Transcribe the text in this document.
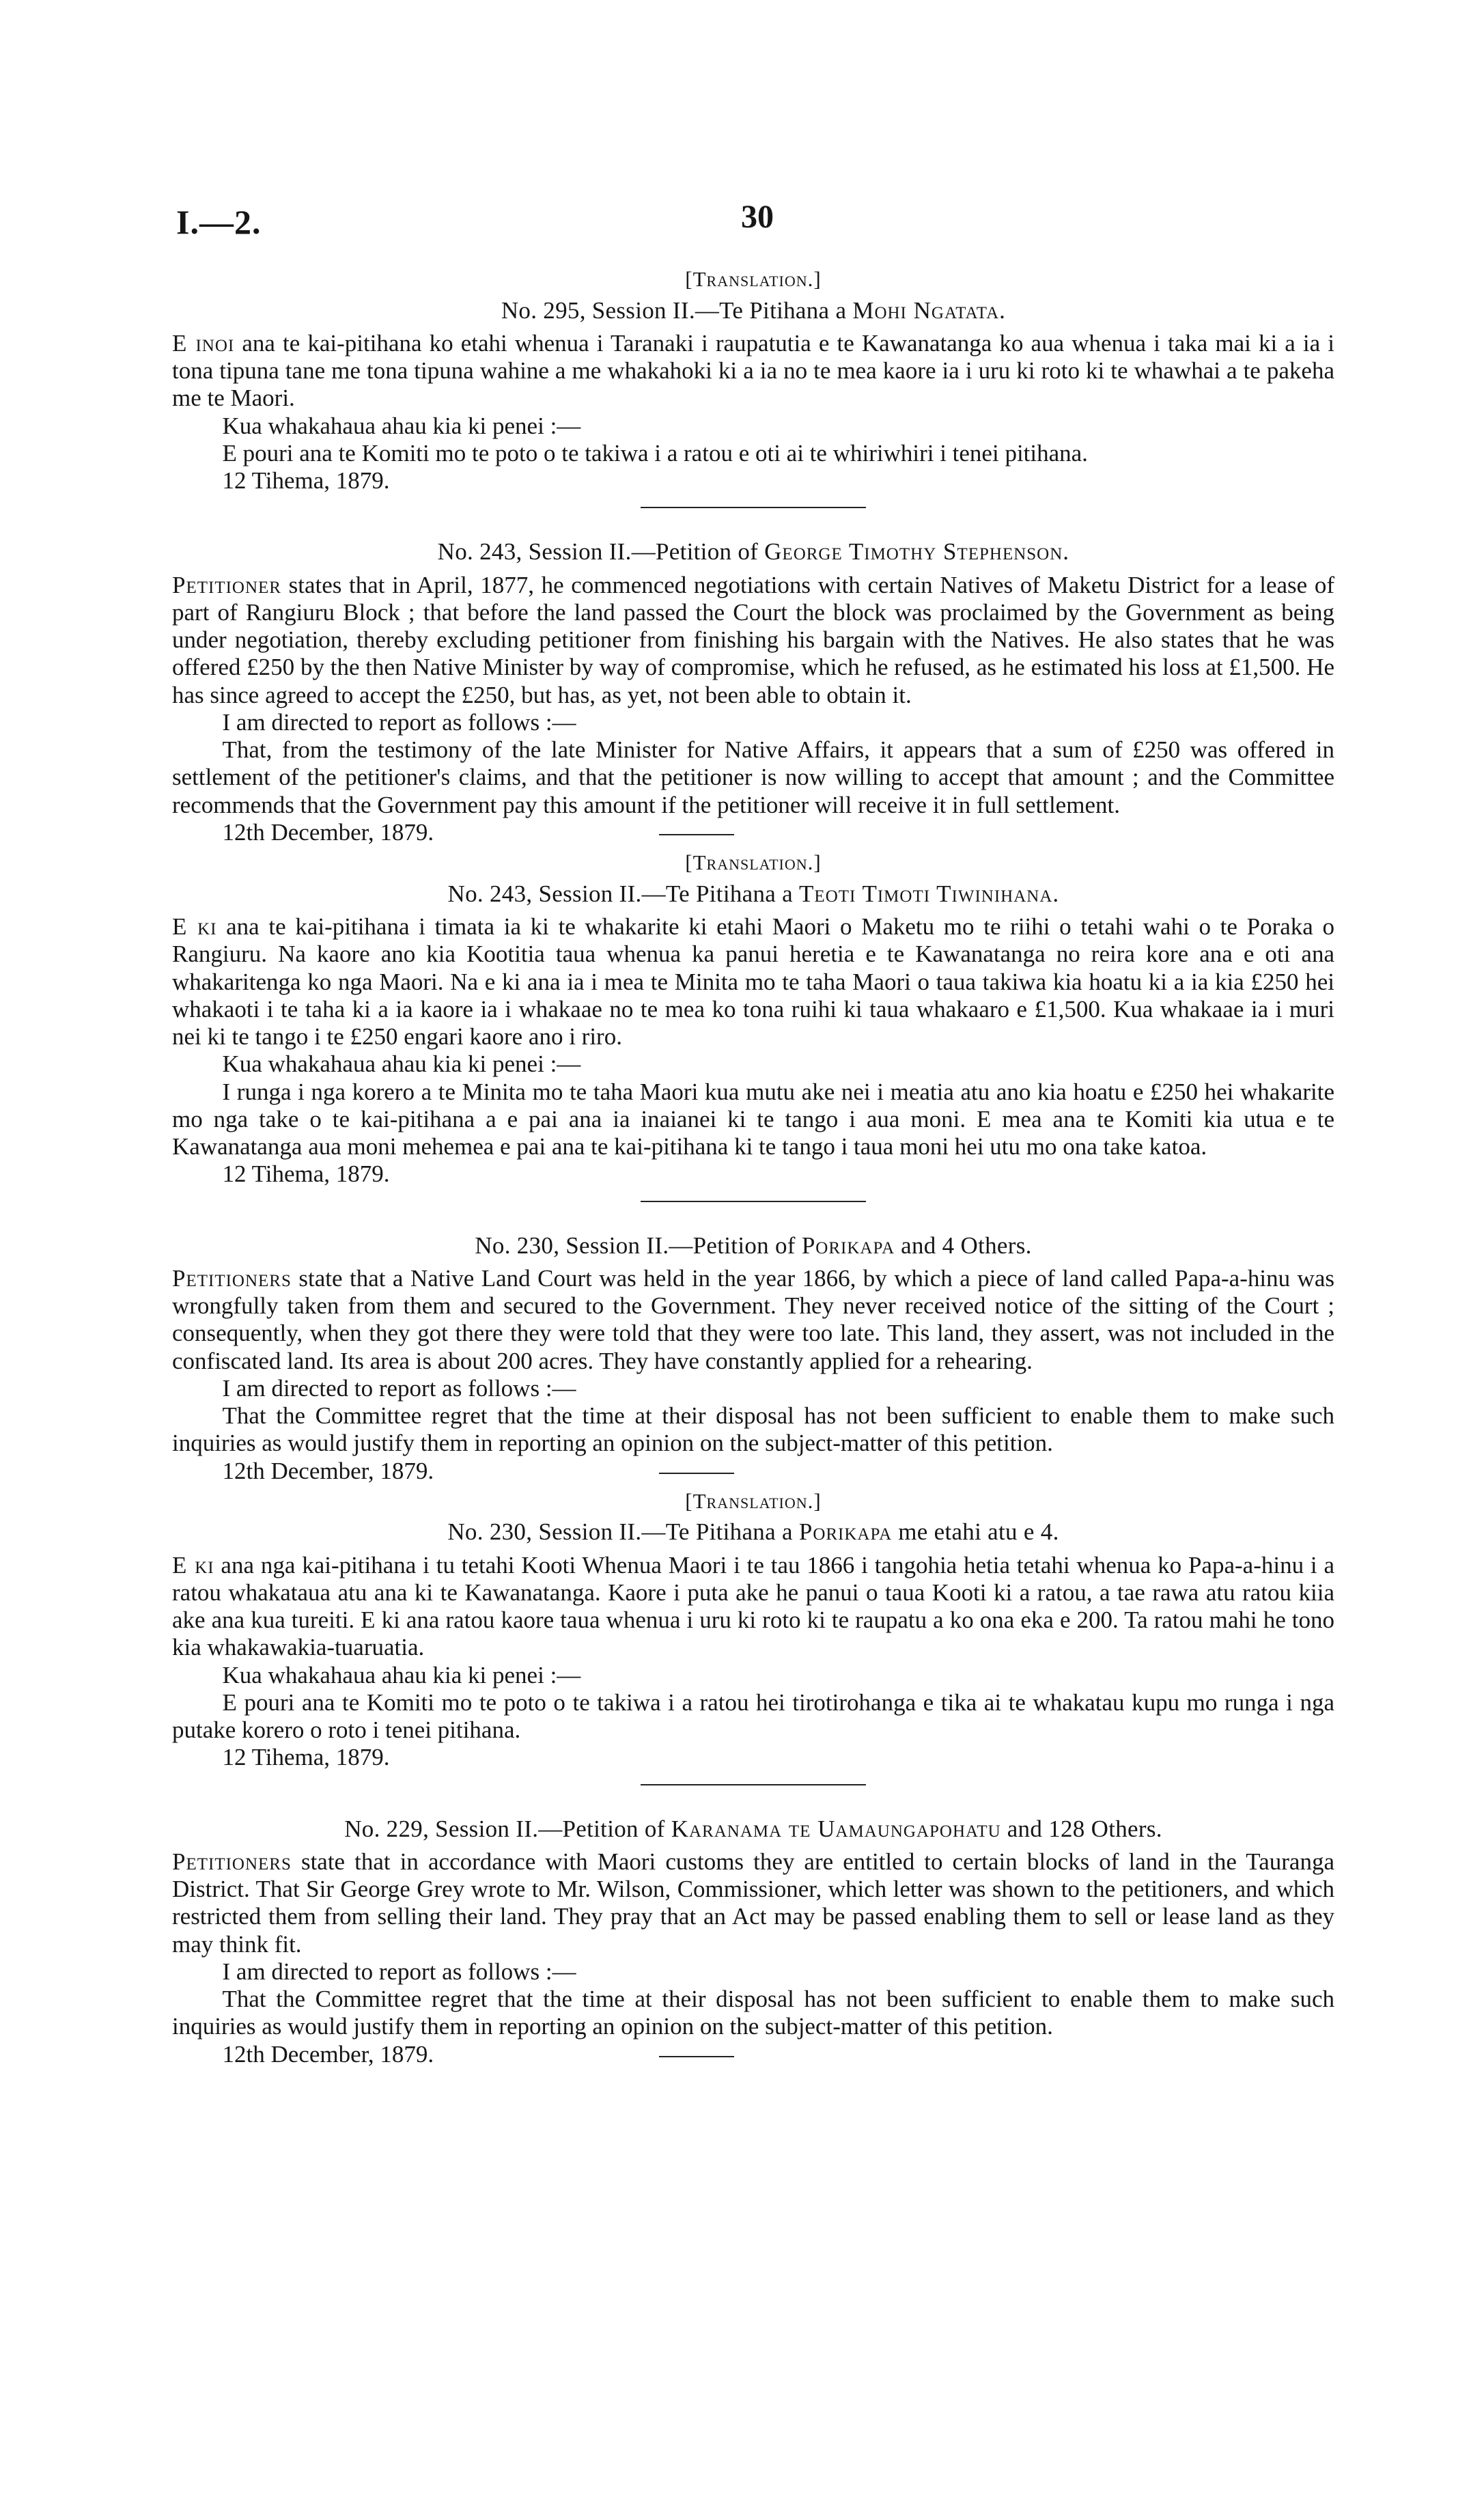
I.—2.	30
[Translation.]
No. 295, Session II.—Te Pitihana a Mohi Ngatata.

E inoi ana te kai-pitihana ko etahi whenua i Taranaki i raupatutia e te Kawanatanga ko aua whenua i taka mai ki a ia i tona tipuna tane me tona tipuna wahine a me whakahoki ki a ia no te mea kaore ia i uru ki roto ki te whawhai a te pakeha me te Maori.

Kua whakahaua ahau kia ki penei :—

E pouri ana te Komiti mo te poto o te takiwa i a ratou e oti ai te whiriwhiri i tenei pitihana.

12 Tihema, 1879.

No. 243, Session II.—Petition of George Timothy Stephenson.

Petitioner states that in April, 1877, he commenced negotiations with certain Natives of Maketu District for a lease of part of Rangiuru Block ; that before the land passed the Court the block was proclaimed by the Government as being under negotiation, thereby excluding petitioner from finishing his bargain with the Natives. He also states that he was offered £250 by the then Native Minister by way of compromise, which he refused, as he estimated his loss at £1,500. He has since agreed to accept the £250, but has, as yet, not been able to obtain it.

I am directed to report as follows :—

That, from the testimony of the late Minister for Native Affairs, it appears that a sum of £250 was offered in settlement of the petitioner's claims, and that the petitioner is now willing to accept that amount ; and the Committee recommends that the Government pay this amount if the petitioner will receive it in full settlement.

12th December, 1879.

[Translation.]
No. 243, Session II.—Te Pitihana a Teoti Timoti Tiwinihana.

E ki ana te kai-pitihana i timata ia ki te whakarite ki etahi Maori o Maketu mo te riihi o tetahi wahi o te Poraka o Rangiuru. Na kaore ano kia Kootitia taua whenua ka panui heretia e te Kawanatanga no reira kore ana e oti ana whakaritenga ko nga Maori. Na e ki ana ia i mea te Minita mo te taha Maori o taua takiwa kia hoatu ki a ia kia £250 hei whakaoti i te taha ki a ia kaore ia i whakaae no te mea ko tona ruihi ki taua whakaaro e £1,500. Kua whakaae ia i muri nei ki te tango i te £250 engari kaore ano i riro.

Kua whakahaua ahau kia ki penei :—

I runga i nga korero a te Minita mo te taha Maori kua mutu ake nei i meatia atu ano kia hoatu e £250 hei whakarite mo nga take o te kai-pitihana a e pai ana ia inaianei ki te tango i aua moni. E mea ana te Komiti kia utua e te Kawanatanga aua moni mehemea e pai ana te kai-pitihana ki te tango i taua moni hei utu mo ona take katoa.

12 Tihema, 1879.

No. 230, Session II.—Petition of Porikapa and 4 Others.

Petitioners state that a Native Land Court was held in the year 1866, by which a piece of land called Papa-a-hinu was wrongfully taken from them and secured to the Government. They never received notice of the sitting of the Court ; consequently, when they got there they were told that they were too late. This land, they assert, was not included in the confiscated land. Its area is about 200 acres. They have constantly applied for a rehearing.

I am directed to report as follows :—

That the Committee regret that the time at their disposal has not been sufficient to enable them to make such inquiries as would justify them in reporting an opinion on the subject-matter of this petition.

12th December, 1879.

[Translation.]
No. 230, Session II.—Te Pitihana a Porikapa me etahi atu e 4.

E ki ana nga kai-pitihana i tu tetahi Kooti Whenua Maori i te tau 1866 i tangohia hetia tetahi whenua ko Papa-a-hinu i a ratou whakataua atu ana ki te Kawanatanga. Kaore i puta ake he panui o taua Kooti ki a ratou, a tae rawa atu ratou kiia ake ana kua tureiti. E ki ana ratou kaore taua whenua i uru ki roto ki te raupatu a ko ona eka e 200. Ta ratou mahi he tono kia whakawakia-tuaruatia.

Kua whakahaua ahau kia ki penei :—

E pouri ana te Komiti mo te poto o te takiwa i a ratou hei tirotirohanga e tika ai te whakatau kupu mo runga i nga putake korero o roto i tenei pitihana.

12 Tihema, 1879.

No. 229, Session II.—Petition of Karanama te Uamaungapohatu and 128 Others.

Petitioners state that in accordance with Maori customs they are entitled to certain blocks of land in the Tauranga District. That Sir George Grey wrote to Mr. Wilson, Commissioner, which letter was shown to the petitioners, and which restricted them from selling their land. They pray that an Act may be passed enabling them to sell or lease land as they may think fit.

I am directed to report as follows :—

That the Committee regret that the time at their disposal has not been sufficient to enable them to make such inquiries as would justify them in reporting an opinion on the subject-matter of this petition.

12th December, 1879.
